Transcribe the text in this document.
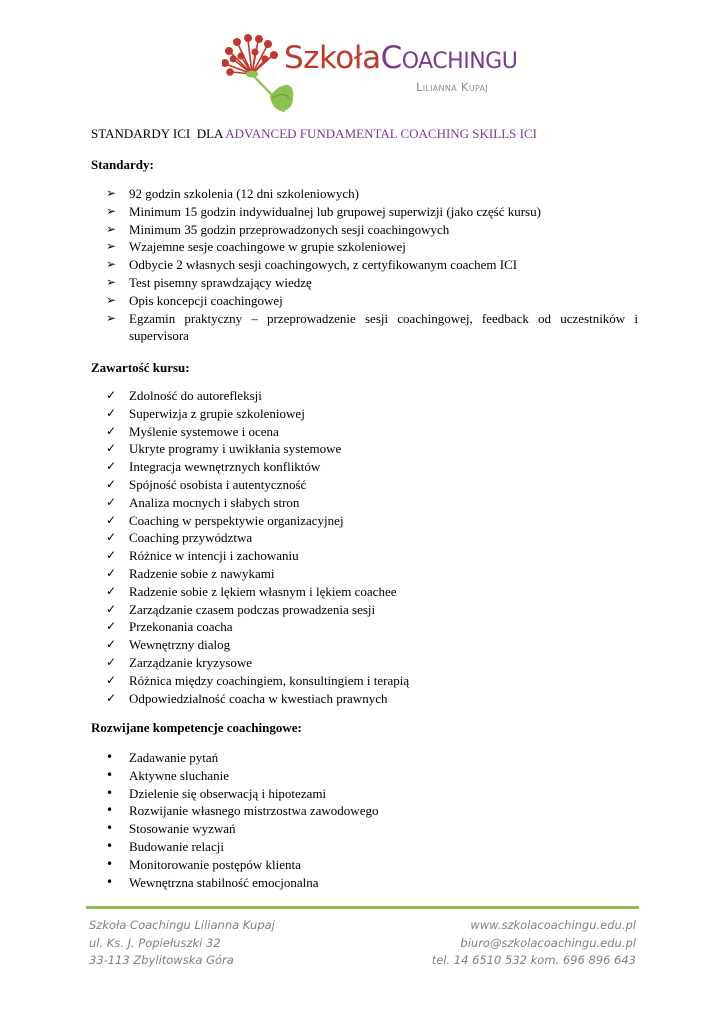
SzkołaCoachingu
Lilianna Kupaj
STANDARDY ICI  DLA ADVANCED FUNDAMENTAL COACHING SKILLS ICI
Standardy:
➢ 92 godzin szkolenia (12 dni szkoleniowych)
➢ Minimum 15 godzin indywidualnej lub grupowej superwizji (jako część kursu)
➢ Minimum 35 godzin przeprowadzonych sesji coachingowych
➢ Wzajemne sesje coachingowe w grupie szkoleniowej
➢ Odbycie 2 własnych sesji coachingowych, z certyfikowanym coachem ICI
➢ Test pisemny sprawdzający wiedzę
➢ Opis koncepcji coachingowej
➢ Egzamin praktyczny – przeprowadzenie sesji coachingowej, feedback od uczestników i supervisora
Zawartość kursu:
✓ Zdolność do autorefleksji
✓ Superwizja z grupie szkoleniowej
✓ Myślenie systemowe i ocena
✓ Ukryte programy i uwikłania systemowe
✓ Integracja wewnętrznych konfliktów
✓ Spójność osobista i autentyczność
✓ Analiza mocnych i słabych stron
✓ Coaching w perspektywie organizacyjnej
✓ Coaching przywództwa
✓ Różnice w intencji i zachowaniu
✓ Radzenie sobie z nawykami
✓ Radzenie sobie z lękiem własnym i lękiem coachee
✓ Zarządzanie czasem podczas prowadzenia sesji
✓ Przekonania coacha
✓ Wewnętrzny dialog
✓ Zarządzanie kryzysowe
✓ Różnica między coachingiem, konsultingiem i terapią
✓ Odpowiedzialność coacha w kwestiach prawnych
Rozwijane kompetencje coachingowe:
•	Zadawanie pytań
•	Aktywne sluchanie
•	Dzielenie się obserwacją i hipotezami
•	Rozwijanie własnego mistrzostwa zawodowego
•	Stosowanie wyzwań
•	Budowanie relacji
•	Monitorowanie postępów klienta
•	Wewnętrzna stabilność emocjonalna
Szkoła Coachingu Lilianna Kupaj
ul. Ks. J. Popiełuszki 32
33-113 Zbylitowska Góra
www.szkolacoachingu.edu.pl
biuro@szkolacoachingu.edu.pl
tel. 14 6510 532 kom. 696 896 643
